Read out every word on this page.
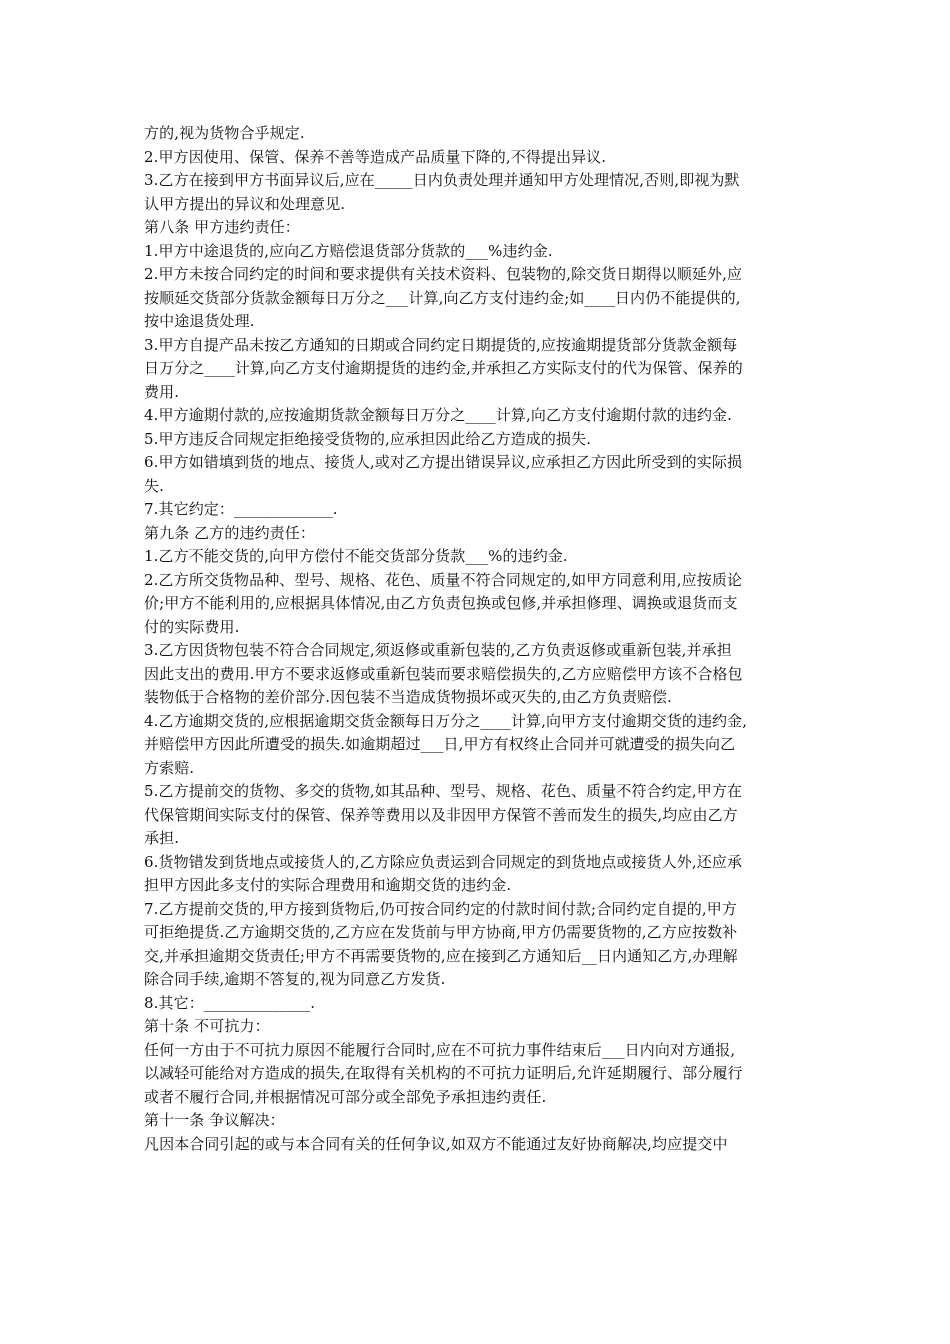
方的,视为货物合乎规定.
2.甲方因使用、保管、保养不善等造成产品质量下降的,不得提出异议.
3.乙方在接到甲方书面异议后,应在_____日内负责处理并通知甲方处理情况,否则,即视为默
认甲方提出的异议和处理意见.
第八条 甲方违约责任：
1.甲方中途退货的,应向乙方赔偿退货部分货款的___%违约金.
2.甲方未按合同约定的时间和要求提供有关技术资料、包装物的,除交货日期得以顺延外,应
按顺延交货部分货款金额每日万分之___计算,向乙方支付违约金;如____日内仍不能提供的,
按中途退货处理.
3.甲方自提产品未按乙方通知的日期或合同约定日期提货的,应按逾期提货部分货款金额每
日万分之____计算,向乙方支付逾期提货的违约金,并承担乙方实际支付的代为保管、保养的
费用.
4.甲方逾期付款的,应按逾期货款金额每日万分之____计算,向乙方支付逾期付款的违约金.
5.甲方违反合同规定拒绝接受货物的,应承担因此给乙方造成的损失.
6.甲方如错填到货的地点、接货人,或对乙方提出错误异议,应承担乙方因此所受到的实际损
失.
7.其它约定：_____________.
第九条 乙方的违约责任：
1.乙方不能交货的,向甲方偿付不能交货部分货款___%的违约金.
2.乙方所交货物品种、型号、规格、花色、质量不符合同规定的,如甲方同意利用,应按质论
价;甲方不能利用的,应根据具体情况,由乙方负责包换或包修,并承担修理、调换或退货而支
付的实际费用.
3.乙方因货物包装不符合合同规定,须返修或重新包装的,乙方负责返修或重新包装,并承担
因此支出的费用.甲方不要求返修或重新包装而要求赔偿损失的,乙方应赔偿甲方该不合格包
装物低于合格物的差价部分.因包装不当造成货物损坏或灭失的,由乙方负责赔偿.
4.乙方逾期交货的,应根据逾期交货金额每日万分之____计算,向甲方支付逾期交货的违约金,
并赔偿甲方因此所遭受的损失.如逾期超过___日,甲方有权终止合同并可就遭受的损失向乙
方索赔.
5.乙方提前交的货物、多交的货物,如其品种、型号、规格、花色、质量不符合约定,甲方在
代保管期间实际支付的保管、保养等费用以及非因甲方保管不善而发生的损失,均应由乙方
承担.
6.货物错发到货地点或接货人的,乙方除应负责运到合同规定的到货地点或接货人外,还应承
担甲方因此多支付的实际合理费用和逾期交货的违约金.
7.乙方提前交货的,甲方接到货物后,仍可按合同约定的付款时间付款;合同约定自提的,甲方
可拒绝提货.乙方逾期交货的,乙方应在发货前与甲方协商,甲方仍需要货物的,乙方应按数补
交,并承担逾期交货责任;甲方不再需要货物的,应在接到乙方通知后__日内通知乙方,办理解
除合同手续,逾期不答复的,视为同意乙方发货.
8.其它：______________.
第十条 不可抗力：
任何一方由于不可抗力原因不能履行合同时,应在不可抗力事件结束后___日内向对方通报,
以减轻可能给对方造成的损失,在取得有关机构的不可抗力证明后,允许延期履行、部分履行
或者不履行合同,并根据情况可部分或全部免予承担违约责任.
第十一条 争议解决：
凡因本合同引起的或与本合同有关的任何争议,如双方不能通过友好协商解决,均应提交中
